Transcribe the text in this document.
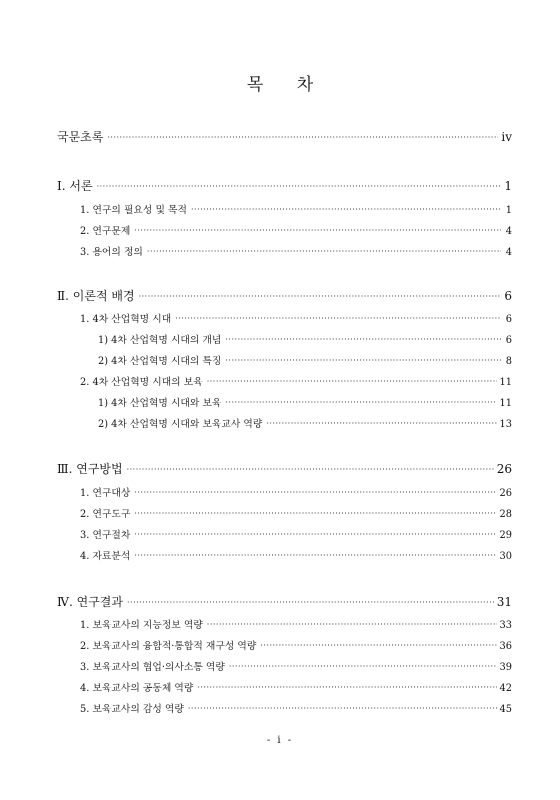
목 차
국문초록 ·····	iv
Ⅰ. 서론 ·····	1
1. 연구의 필요성 및 목적 ·····	1
2. 연구문제 ·····	4
3. 용어의 정의 ·····	4
Ⅱ. 이론적 배경 ·····	6
1. 4차 산업혁명 시대 ·····	6
1) 4차 산업혁명 시대의 개념 ·····	6
2) 4차 산업혁명 시대의 특징 ·····	8
2. 4차 산업혁명 시대의 보육 ·····	11
1) 4차 산업혁명 시대와 보육 ·····	11
2) 4차 산업혁명 시대와 보육교사 역량 ·····	13
Ⅲ. 연구방법 ·····	26
1. 연구대상 ·····	26
2. 연구도구 ·····	28
3. 연구절차 ·····	29
4. 자료분석 ·····	30
Ⅳ. 연구결과 ·····	31
1. 보육교사의 지능정보 역량 ·····	33
2. 보육교사의 융합적·통합적 재구성 역량 ·····	36
3. 보육교사의 협업·의사소통 역량 ·····	39
4. 보육교사의 공동체 역량 ·····	42
5. 보육교사의 감성 역량 ·····	45
- i -
